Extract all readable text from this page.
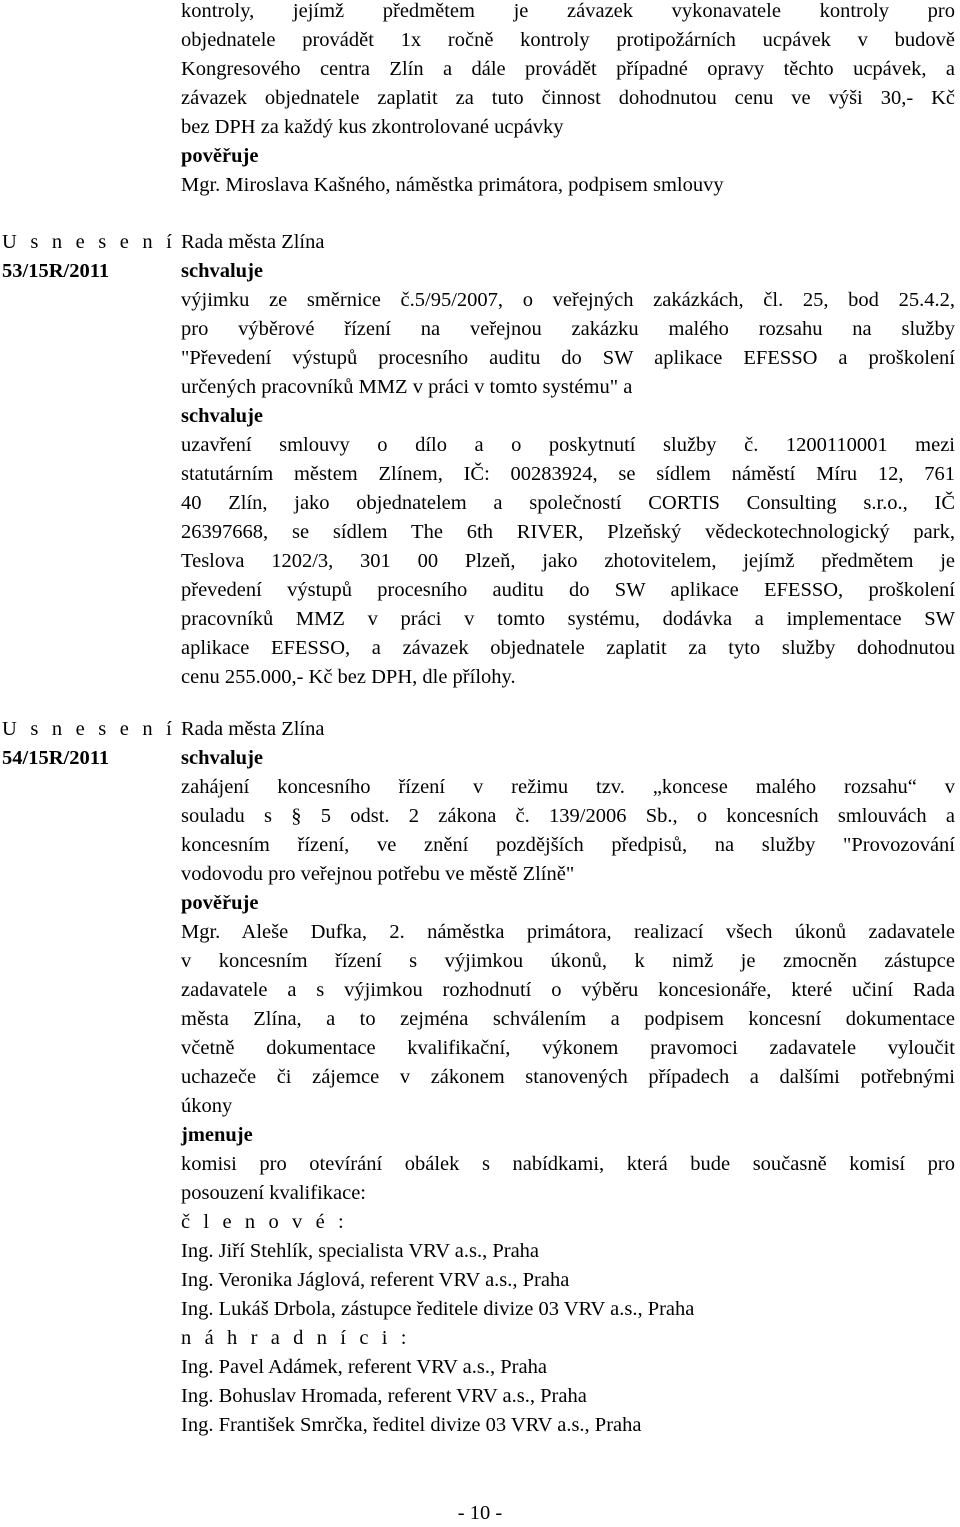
kontroly, jejímž předmětem je závazek vykonavatele kontroly pro
objednatele provádět 1x ročně kontroly protipožárních ucpávek v budově
Kongresového centra Zlín a dále provádět případné opravy těchto ucpávek, a
závazek objednatele zaplatit za tuto činnost dohodnutou cenu ve výši 30,- Kč
bez DPH za každý kus zkontrolované ucpávky
pověřuje
Mgr. Miroslava Kašného, náměstka primátora, podpisem smlouvy
U s n e s e n í
53/15R/2011
Rada města Zlína
schvaluje
výjimku ze směrnice č.5/95/2007, o veřejných zakázkách, čl. 25, bod 25.4.2,
pro výběrové řízení na veřejnou zakázku malého rozsahu na služby
"Převedení výstupů procesního auditu do SW aplikace EFESSO a proškolení
určených pracovníků MMZ v práci v tomto systému" a
schvaluje
uzavření smlouvy o dílo a o poskytnutí služby č. 1200110001 mezi
statutárním městem Zlínem, IČ: 00283924, se sídlem náměstí Míru 12, 761
40 Zlín, jako objednatelem a společností CORTIS Consulting s.r.o., IČ
26397668, se sídlem The 6th RIVER, Plzeňský vědeckotechnologický park,
Teslova 1202/3, 301 00 Plzeň, jako zhotovitelem, jejímž předmětem je
převedení výstupů procesního auditu do SW aplikace EFESSO, proškolení
pracovníků MMZ v práci v tomto systému, dodávka a implementace SW
aplikace EFESSO, a závazek objednatele zaplatit za tyto služby dohodnutou
cenu 255.000,- Kč bez DPH, dle přílohy.
U s n e s e n í
54/15R/2011
Rada města Zlína
schvaluje
zahájení koncesního řízení v režimu tzv. „koncese malého rozsahu“ v
souladu s § 5 odst. 2 zákona č. 139/2006 Sb., o koncesních smlouvách a
koncesním řízení, ve znění pozdějších předpisů, na služby "Provozování
vodovodu pro veřejnou potřebu ve městě Zlíně"
pověřuje
Mgr. Aleše Dufka, 2. náměstka primátora, realizací všech úkonů zadavatele
v koncesním řízení s výjimkou úkonů, k nimž je zmocněn zástupce
zadavatele a s výjimkou rozhodnutí o výběru koncesionáře, které učiní Rada
města Zlína, a to zejména schválením a podpisem koncesní dokumentace
včetně dokumentace kvalifikační, výkonem pravomoci zadavatele vyloučit
uchazeče či zájemce v zákonem stanovených případech a dalšími potřebnými
úkony
jmenuje
komisi pro otevírání obálek s nabídkami, která bude současně komisí pro
posouzení kvalifikace:
č l e n o v é :
Ing. Jiří Stehlík, specialista VRV a.s., Praha
Ing. Veronika Jáglová, referent VRV a.s., Praha
Ing. Lukáš Drbola, zástupce ředitele divize 03 VRV a.s., Praha
n á h r a d n í c i :
Ing. Pavel Adámek, referent VRV a.s., Praha
Ing. Bohuslav Hromada, referent VRV a.s., Praha
Ing. František Smrčka, ředitel divize 03 VRV a.s., Praha
- 10 -
